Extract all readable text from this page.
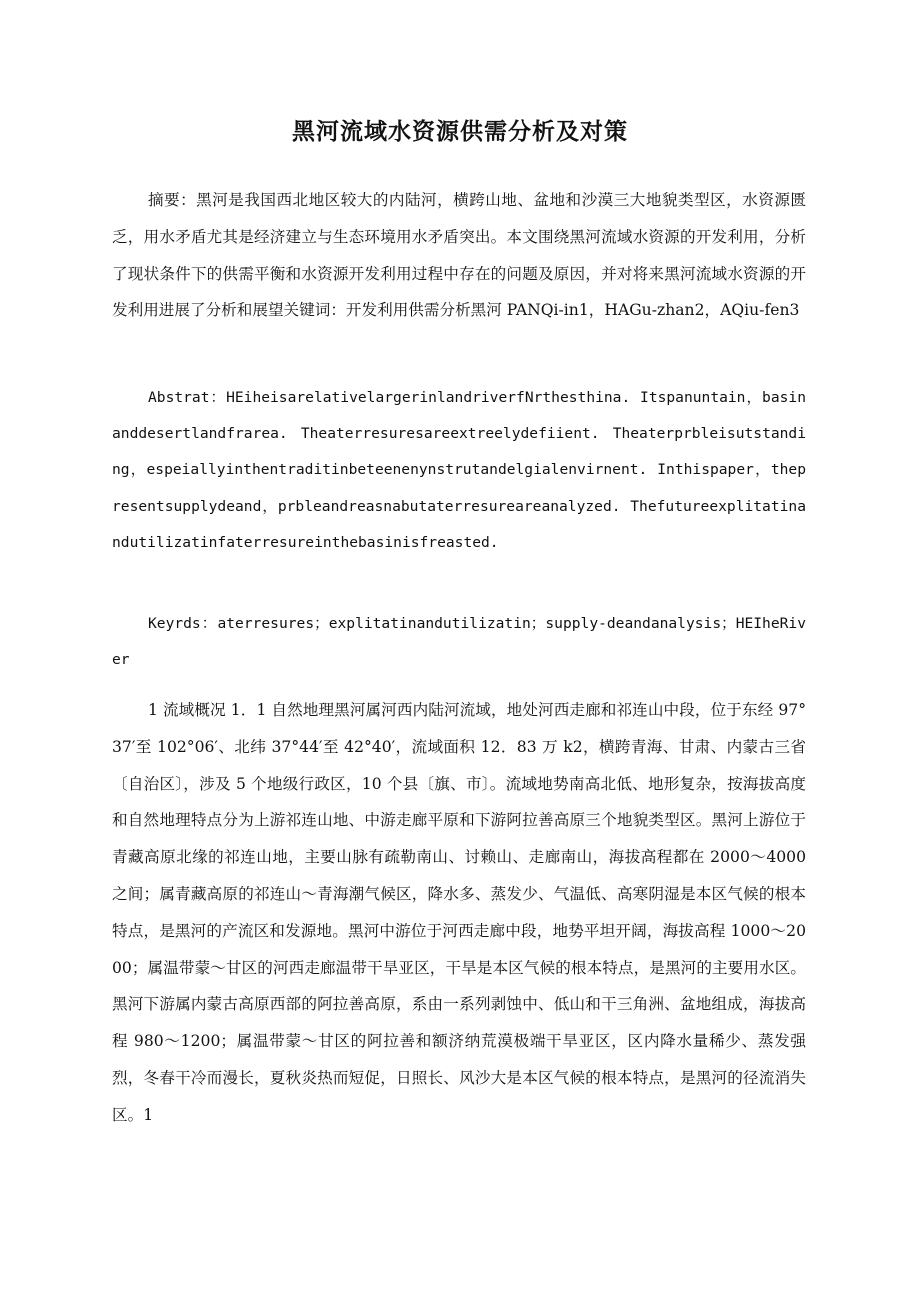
黑河流域水资源供需分析及对策

摘要：黑河是我国西北地区较大的内陆河，横跨山地、盆地和沙漠三大地貌类型区，水资源匮乏，用水矛盾尤其是经济建立与生态环境用水矛盾突出。本文围绕黑河流域水资源的开发利用，分析了现状条件下的供需平衡和水资源开发利用过程中存在的问题及原因，并对将来黑河流域水资源的开发利用进展了分析和展望关键词：开发利用供需分析黑河 PANQi-in1，HAGu-zhan2，AQiu-fen3

Abstrat：HEiheisarelativelargerinlandriverfNrthesthina. Itspanuntain，basinanddesertlandfrarea. Theaterresuresareextreelydefiient. Theaterprbleisutstanding，espeiallyinthentraditinbeteenenynstrutandelgialenvirnent. Inthispaper，thepresentsupplydeand，prbleandreasnabutaterresureareanalyzed. Thefutureexplitatinandutilizatinfaterresureinthebasinisfreasted.

Keyrds：aterresures；explitatinandutilizatin；supply-deandanalysis；HEIheRiver

1 流域概况 1．1 自然地理黑河属河西内陆河流域，地处河西走廊和祁连山中段，位于东经 97°37′至 102°06′、北纬 37°44′至 42°40′，流域面积 12．83 万 k2，横跨青海、甘肃、内蒙古三省〔自治区〕，涉及 5 个地级行政区，10 个县〔旗、市〕。流域地势南高北低、地形复杂，按海拔高度和自然地理特点分为上游祁连山地、中游走廊平原和下游阿拉善高原三个地貌类型区。黑河上游位于青藏高原北缘的祁连山地，主要山脉有疏勒南山、讨赖山、走廊南山，海拔高程都在 2000～4000 之间；属青藏高原的祁连山～青海潮气候区，降水多、蒸发少、气温低、高寒阴湿是本区气候的根本特点，是黑河的产流区和发源地。黑河中游位于河西走廊中段，地势平坦开阔，海拔高程 1000～2000；属温带蒙～甘区的河西走廊温带干旱亚区，干旱是本区气候的根本特点，是黑河的主要用水区。黑河下游属内蒙古高原西部的阿拉善高原，系由一系列剥蚀中、低山和干三角洲、盆地组成，海拔高程 980～1200；属温带蒙～甘区的阿拉善和额济纳荒漠极端干旱亚区，区内降水量稀少、蒸发强烈，冬春干冷而漫长，夏秋炎热而短促，日照长、风沙大是本区气候的根本特点，是黑河的径流消失区。1
